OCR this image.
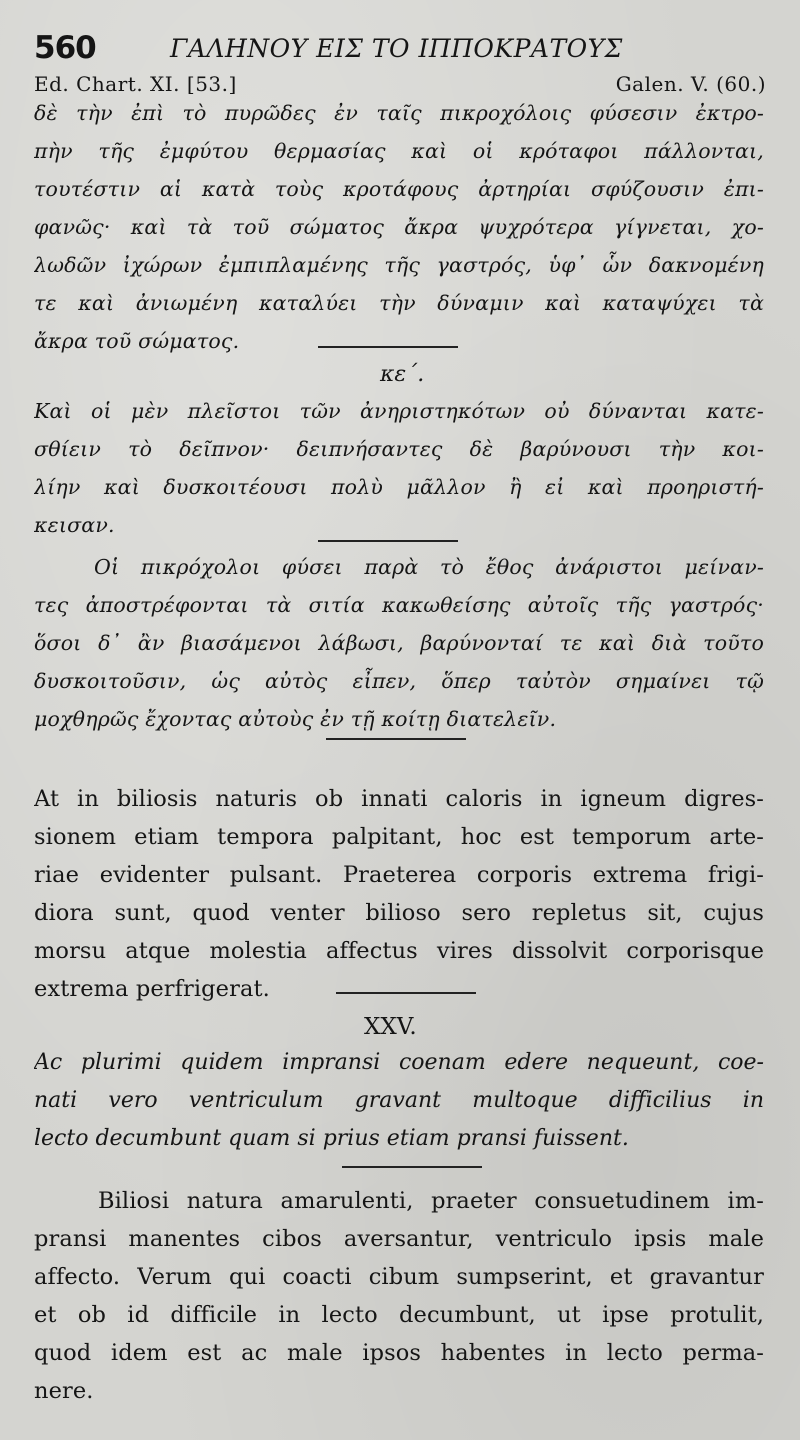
560	ΓΑΛΗΝΟΥ ΕΙΣ ΤΟ ΙΠΠΟΚΡΑΤΟΥΣ
Ed. Chart. XI. [53.]	Galen. V. (60.)
δὲ τὴν ἐπὶ τὸ πυρῶδες ἐν ταῖς πικροχόλοις φύσεσιν ἐκτρο-
πὴν τῆς ἐμφύτου θερμασίας καὶ οἱ κρόταφοι πάλλονται,
τουτέστιν αἱ κατὰ τοὺς κροτάφους ἀρτηρίαι σφύζουσιν ἐπι-
φανῶς· καὶ τὰ τοῦ σώματος ἄκρα ψυχρότερα γίγνεται, χο-
λωδῶν ἰχώρων ἐμπιπλαμένης τῆς γαστρός, ὑφ᾽ ὧν δακνομένη
τε καὶ ἀνιωμένη καταλύει τὴν δύναμιν καὶ καταψύχει τὰ
ἄκρα τοῦ σώματος.
κε΄.
Καὶ οἱ μὲν πλεῖστοι τῶν ἀνηριστηκότων οὐ δύνανται κατε-
σθίειν τὸ δεῖπνον· δειπνήσαντες δὲ βαρύνουσι τὴν κοι-
λίην καὶ δυσκοιτέουσι πολὺ μᾶλλον ἢ εἰ καὶ προηριστή-
κεισαν.
Οἱ πικρόχολοι φύσει παρὰ τὸ ἔθος ἀνάριστοι μείναν-
τες ἀποστρέφονται τὰ σιτία κακωθείσης αὐτοῖς τῆς γαστρός·
ὅσοι δ᾽ ἂν βιασάμενοι λάβωσι, βαρύνονταί τε καὶ διὰ τοῦτο
δυσκοιτοῦσιν, ὡς αὐτὸς εἶπεν, ὅπερ ταὐτὸν σημαίνει τῷ
μοχθηρῶς ἔχοντας αὐτοὺς ἐν τῇ κοίτῃ διατελεῖν.
At in biliosis naturis ob innati caloris in igneum digres-
sionem etiam tempora palpitant, hoc est temporum arte-
riae evidenter pulsant. Praeterea corporis extrema frigi-
diora sunt, quod venter bilioso sero repletus sit, cujus
morsu atque molestia affectus vires dissolvit corporisque
extrema perfrigerat.
XXV.
Ac plurimi quidem impransi coenam edere nequeunt, coe-
nati vero ventriculum gravant multoque difficilius in
lecto decumbunt quam si prius etiam pransi fuissent.
Biliosi natura amarulenti, praeter consuetudinem im-
pransi manentes cibos aversantur, ventriculo ipsis male
affecto. Verum qui coacti cibum sumpserint, et gravantur
et ob id difficile in lecto decumbunt, ut ipse protulit,
quod idem est ac male ipsos habentes in lecto perma-
nere.
